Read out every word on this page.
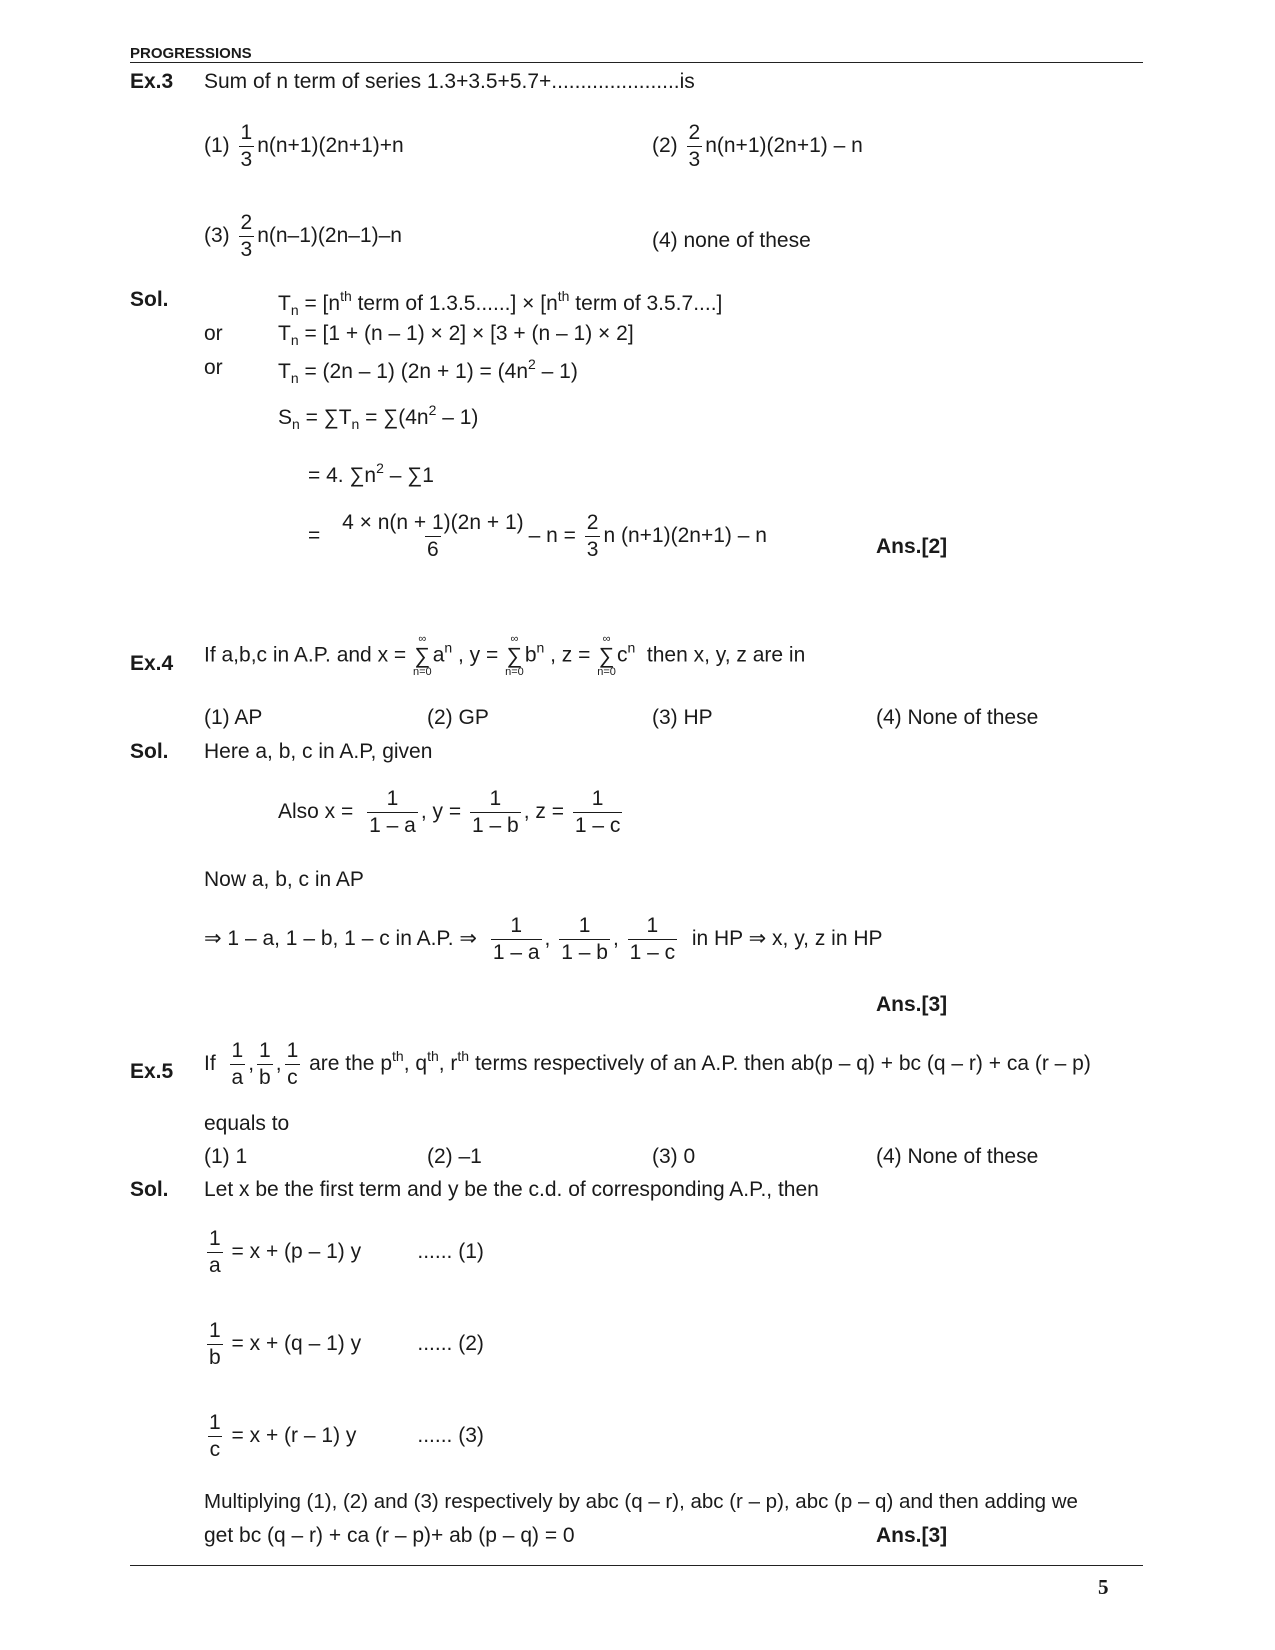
PROGRESSIONS
Ex.3 Sum of n term of series 1.3+3.5+5.7+......................is
$(1) \frac{1}{3} n(n+1)(2n+1)+n$	$(2) \frac{2}{3} n(n+1)(2n+1) - n$
$(3) \frac{2}{3} n(n-1)(2n-1)-n$	(4) none of these
Sol.	$T_n = [n^{th}$ term of $1.3.5......] \times [n^{th}$ term of 3.5.7....]
or	$T_n = [1 + (n - 1) \times 2] \times [3 + (n - 1) \times 2]$
or	$T_n = (2n - 1) (2n + 1) = (4n^2 - 1)$
$S_n = \sum T_n = \sum(4n^2 - 1)$
= 4. $\sum n^2 - \sum 1$
= $\frac{4 \times n(n + 1)(2n + 1)}{6} - n = \frac{2}{3}$ n (n+1)(2n+1) – n	Ans.[2]
Ex.4 If a,b,c in A.P. and x =
∞
∑
n=0
$a^n$ , y =
∞
∑
n=0
$b^n$ , z =
∞
∑
n=0
$c^n$ then x, y, z are in
(1) AP	(2) GP	(3) HP	(4) None of these
Sol. Here a, b, c in A.P, given
Also $x = \frac{1}{1 - a}$ , $y = \frac{1}{1 - b}$ , $z = \frac{1}{1 - c}$
Now a, b, c in AP
⇒ 1 – a, 1 – b, 1 – c in A.P. ⇒ $\frac{1}{1 - a}$ , $\frac{1}{1 - b}$ , $\frac{1}{1 - c}$ in HP ⇒ x, y, z in HP
Ans.[3]
Ex.5 If $\frac{1}{a}$ , $\frac{1}{b}$ , $\frac{1}{c}$ are the $p^{th}$, $q^{th}$, $r^{th}$ terms respectively of an A.P. then ab(p – q) + bc (q – r) + ca (r – p)
equals to
(1) 1	(2) –1	(3) 0	(4) None of these
Sol. Let x be the first term and y be the c.d. of corresponding A.P., then
$\frac{1}{a} = x + (p - 1)$ y	...... (1)
$\frac{1}{b} = x + (q - 1)$ y	...... (2)
$\frac{1}{c} = x + (r - 1)$ y	...... (3)
Multiplying (1), (2) and (3) respectively by abc (q – r), abc (r – p), abc (p – q) and then adding we
get bc (q – r) + ca (r – p)+ ab (p – q) = 0	Ans.[3]
5
